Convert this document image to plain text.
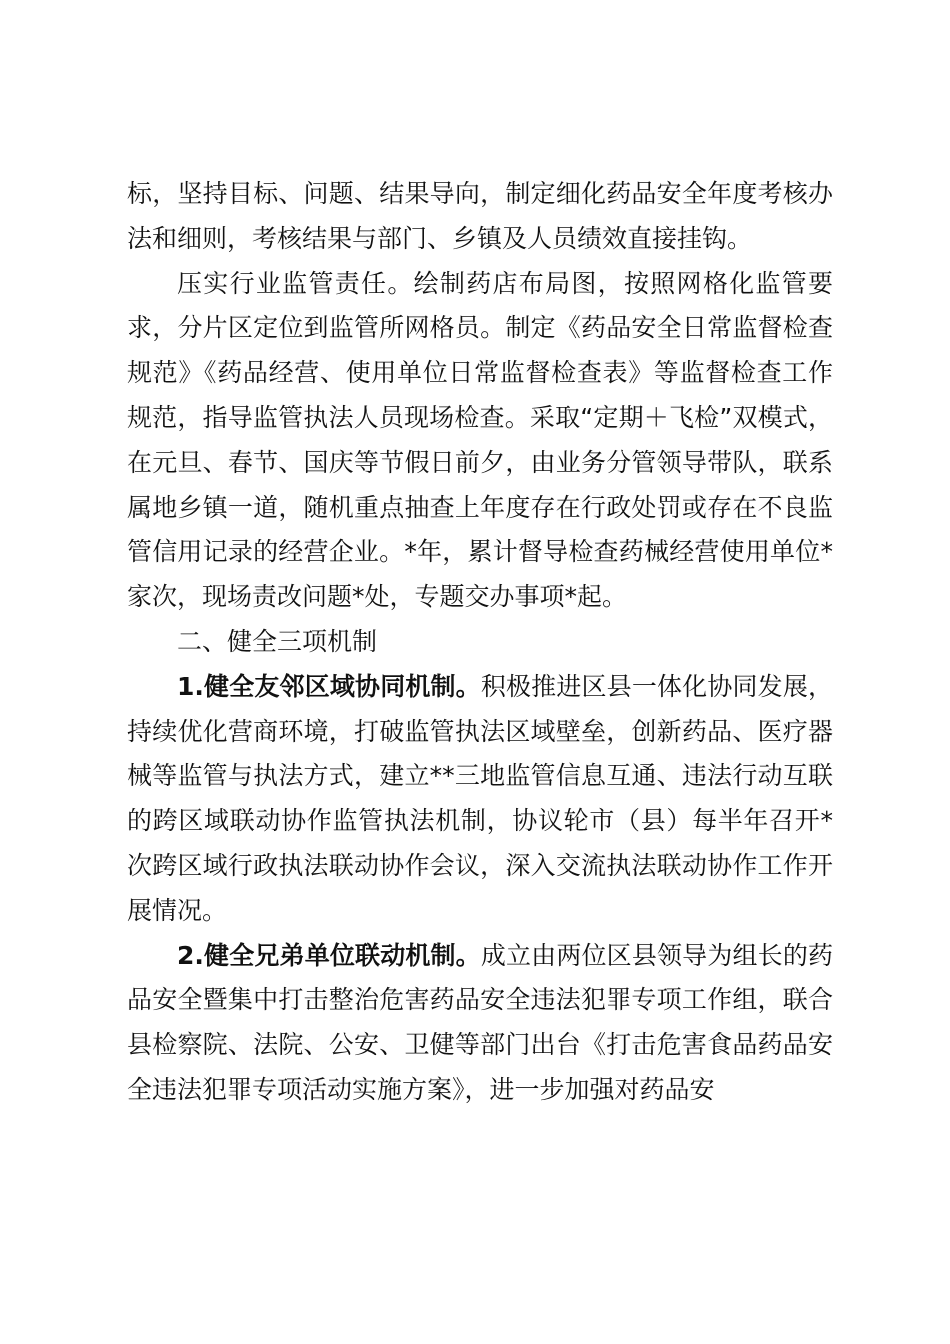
标，坚持目标、问题、结果导向，制定细化药品安全年度考核办法和细则，考核结果与部门、乡镇及人员绩效直接挂钩。

压实行业监管责任。绘制药店布局图，按照网格化监管要求，分片区定位到监管所网格员。制定《药品安全日常监督检查规范》《药品经营、使用单位日常监督检查表》等监督检查工作规范，指导监管执法人员现场检查。采取“定期＋飞检”双模式，在元旦、春节、国庆等节假日前夕，由业务分管领导带队，联系属地乡镇一道，随机重点抽查上年度存在行政处罚或存在不良监管信用记录的经营企业。*年，累计督导检查药械经营使用单位*家次，现场责改问题*处，专题交办事项*起。

二、健全三项机制

1.健全友邻区域协同机制。积极推进区县一体化协同发展，持续优化营商环境，打破监管执法区域壁垒，创新药品、医疗器械等监管与执法方式，建立**三地监管信息互通、违法行动互联的跨区域联动协作监管执法机制，协议轮市（县）每半年召开*次跨区域行政执法联动协作会议，深入交流执法联动协作工作开展情况。

2.健全兄弟单位联动机制。成立由两位区县领导为组长的药品安全暨集中打击整治危害药品安全违法犯罪专项工作组，联合县检察院、法院、公安、卫健等部门出台《打击危害食品药品安全违法犯罪专项活动实施方案》，进一步加强对药品安
